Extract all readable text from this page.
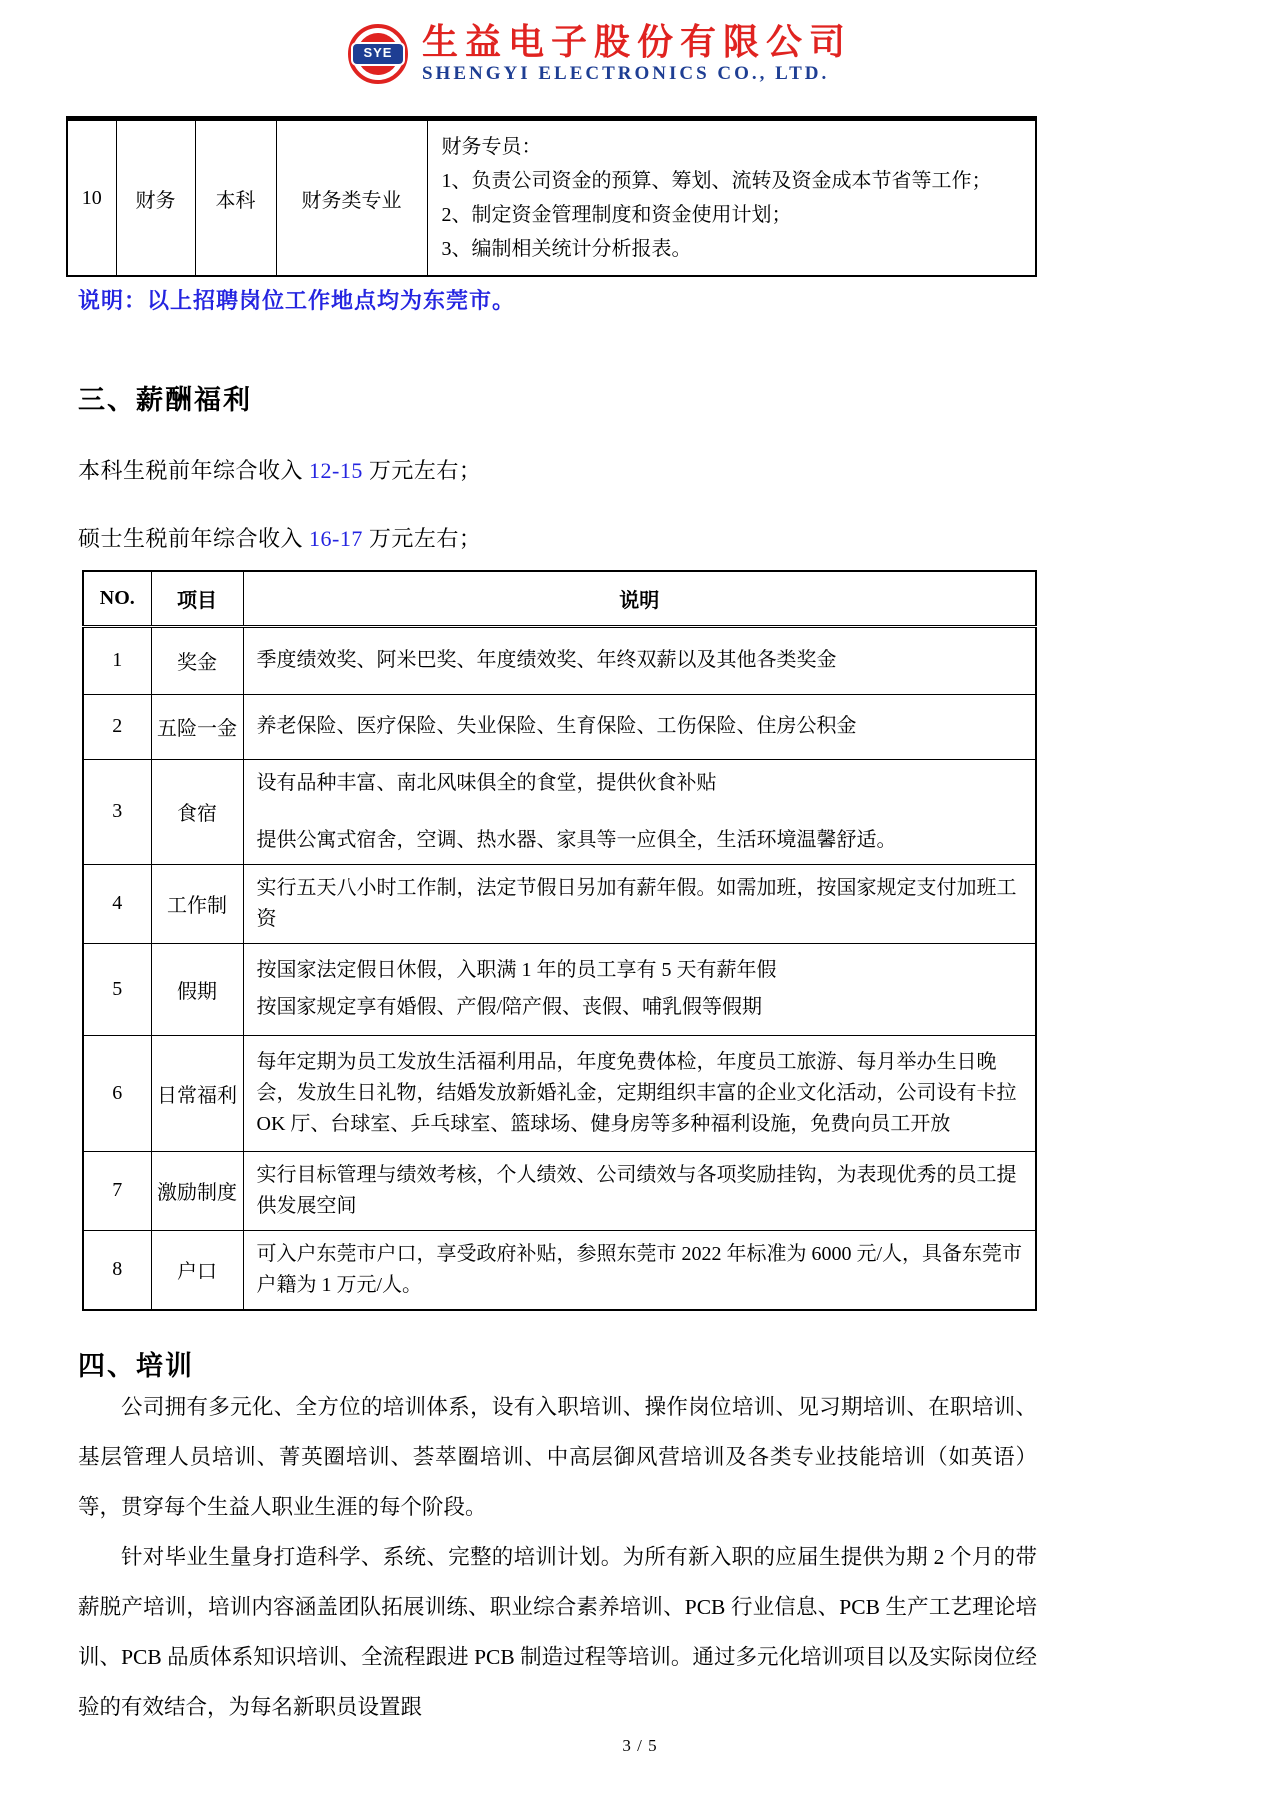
SYE 生益电子股份有限公司
SHENGYI ELECTRONICS CO., LTD.
10	财务	本科	财务类专业	
财务专员：
1、负责公司资金的预算、筹划、流转及资金成本节省等工作；
2、制定资金管理制度和资金使用计划；
3、编制相关统计分析报表。
说明：以上招聘岗位工作地点均为东莞市。
三、薪酬福利
本科生税前年综合收入 12-15 万元左右；
硕士生税前年综合收入 16-17 万元左右；
NO.	项目	说明
1	奖金	季度绩效奖、阿米巴奖、年度绩效奖、年终双薪以及其他各类奖金

2	五险一金	养老保险、医疗保险、失业保险、生育保险、工伤保险、住房公积金

3	食宿	设有品种丰富、南北风味俱全的食堂，提供伙食补贴

提供公寓式宿舍，空调、热水器、家具等一应俱全，生活环境温馨舒适。

4	工作制	实行五天八小时工作制，法定节假日另加有薪年假。如需加班，按国家规定支付加班工资

5	假期	按国家法定假日休假，入职满 1 年的员工享有 5 天有薪年假

按国家规定享有婚假、产假/陪产假、丧假、哺乳假等假期

6	日常福利	每年定期为员工发放生活福利用品，年度免费体检，年度员工旅游、每月举办生日晚会，发放生日礼物，结婚发放新婚礼金，定期组织丰富的企业文化活动，公司设有卡拉 OK 厅、台球室、乒乓球室、篮球场、健身房等多种福利设施，免费向员工开放

7	激励制度	实行目标管理与绩效考核，个人绩效、公司绩效与各项奖励挂钩，为表现优秀的员工提供发展空间

8	户口	可入户东莞市户口，享受政府补贴，参照东莞市 2022 年标准为 6000 元/人，具备东莞市户籍为 1 万元/人。

四、培训

公司拥有多元化、全方位的培训体系，设有入职培训、操作岗位培训、见习期培训、在职培训、基层管理人员培训、菁英圈培训、荟萃圈培训、中高层御风营培训及各类专业技能培训（如英语）等，贯穿每个生益人职业生涯的每个阶段。

针对毕业生量身打造科学、系统、完整的培训计划。为所有新入职的应届生提供为期 2 个月的带薪脱产培训，培训内容涵盖团队拓展训练、职业综合素养培训、PCB 行业信息、PCB 生产工艺理论培训、PCB 品质体系知识培训、全流程跟进 PCB 制造过程等培训。通过多元化培训项目以及实际岗位经验的有效结合，为每名新职员设置跟

3 / 5
